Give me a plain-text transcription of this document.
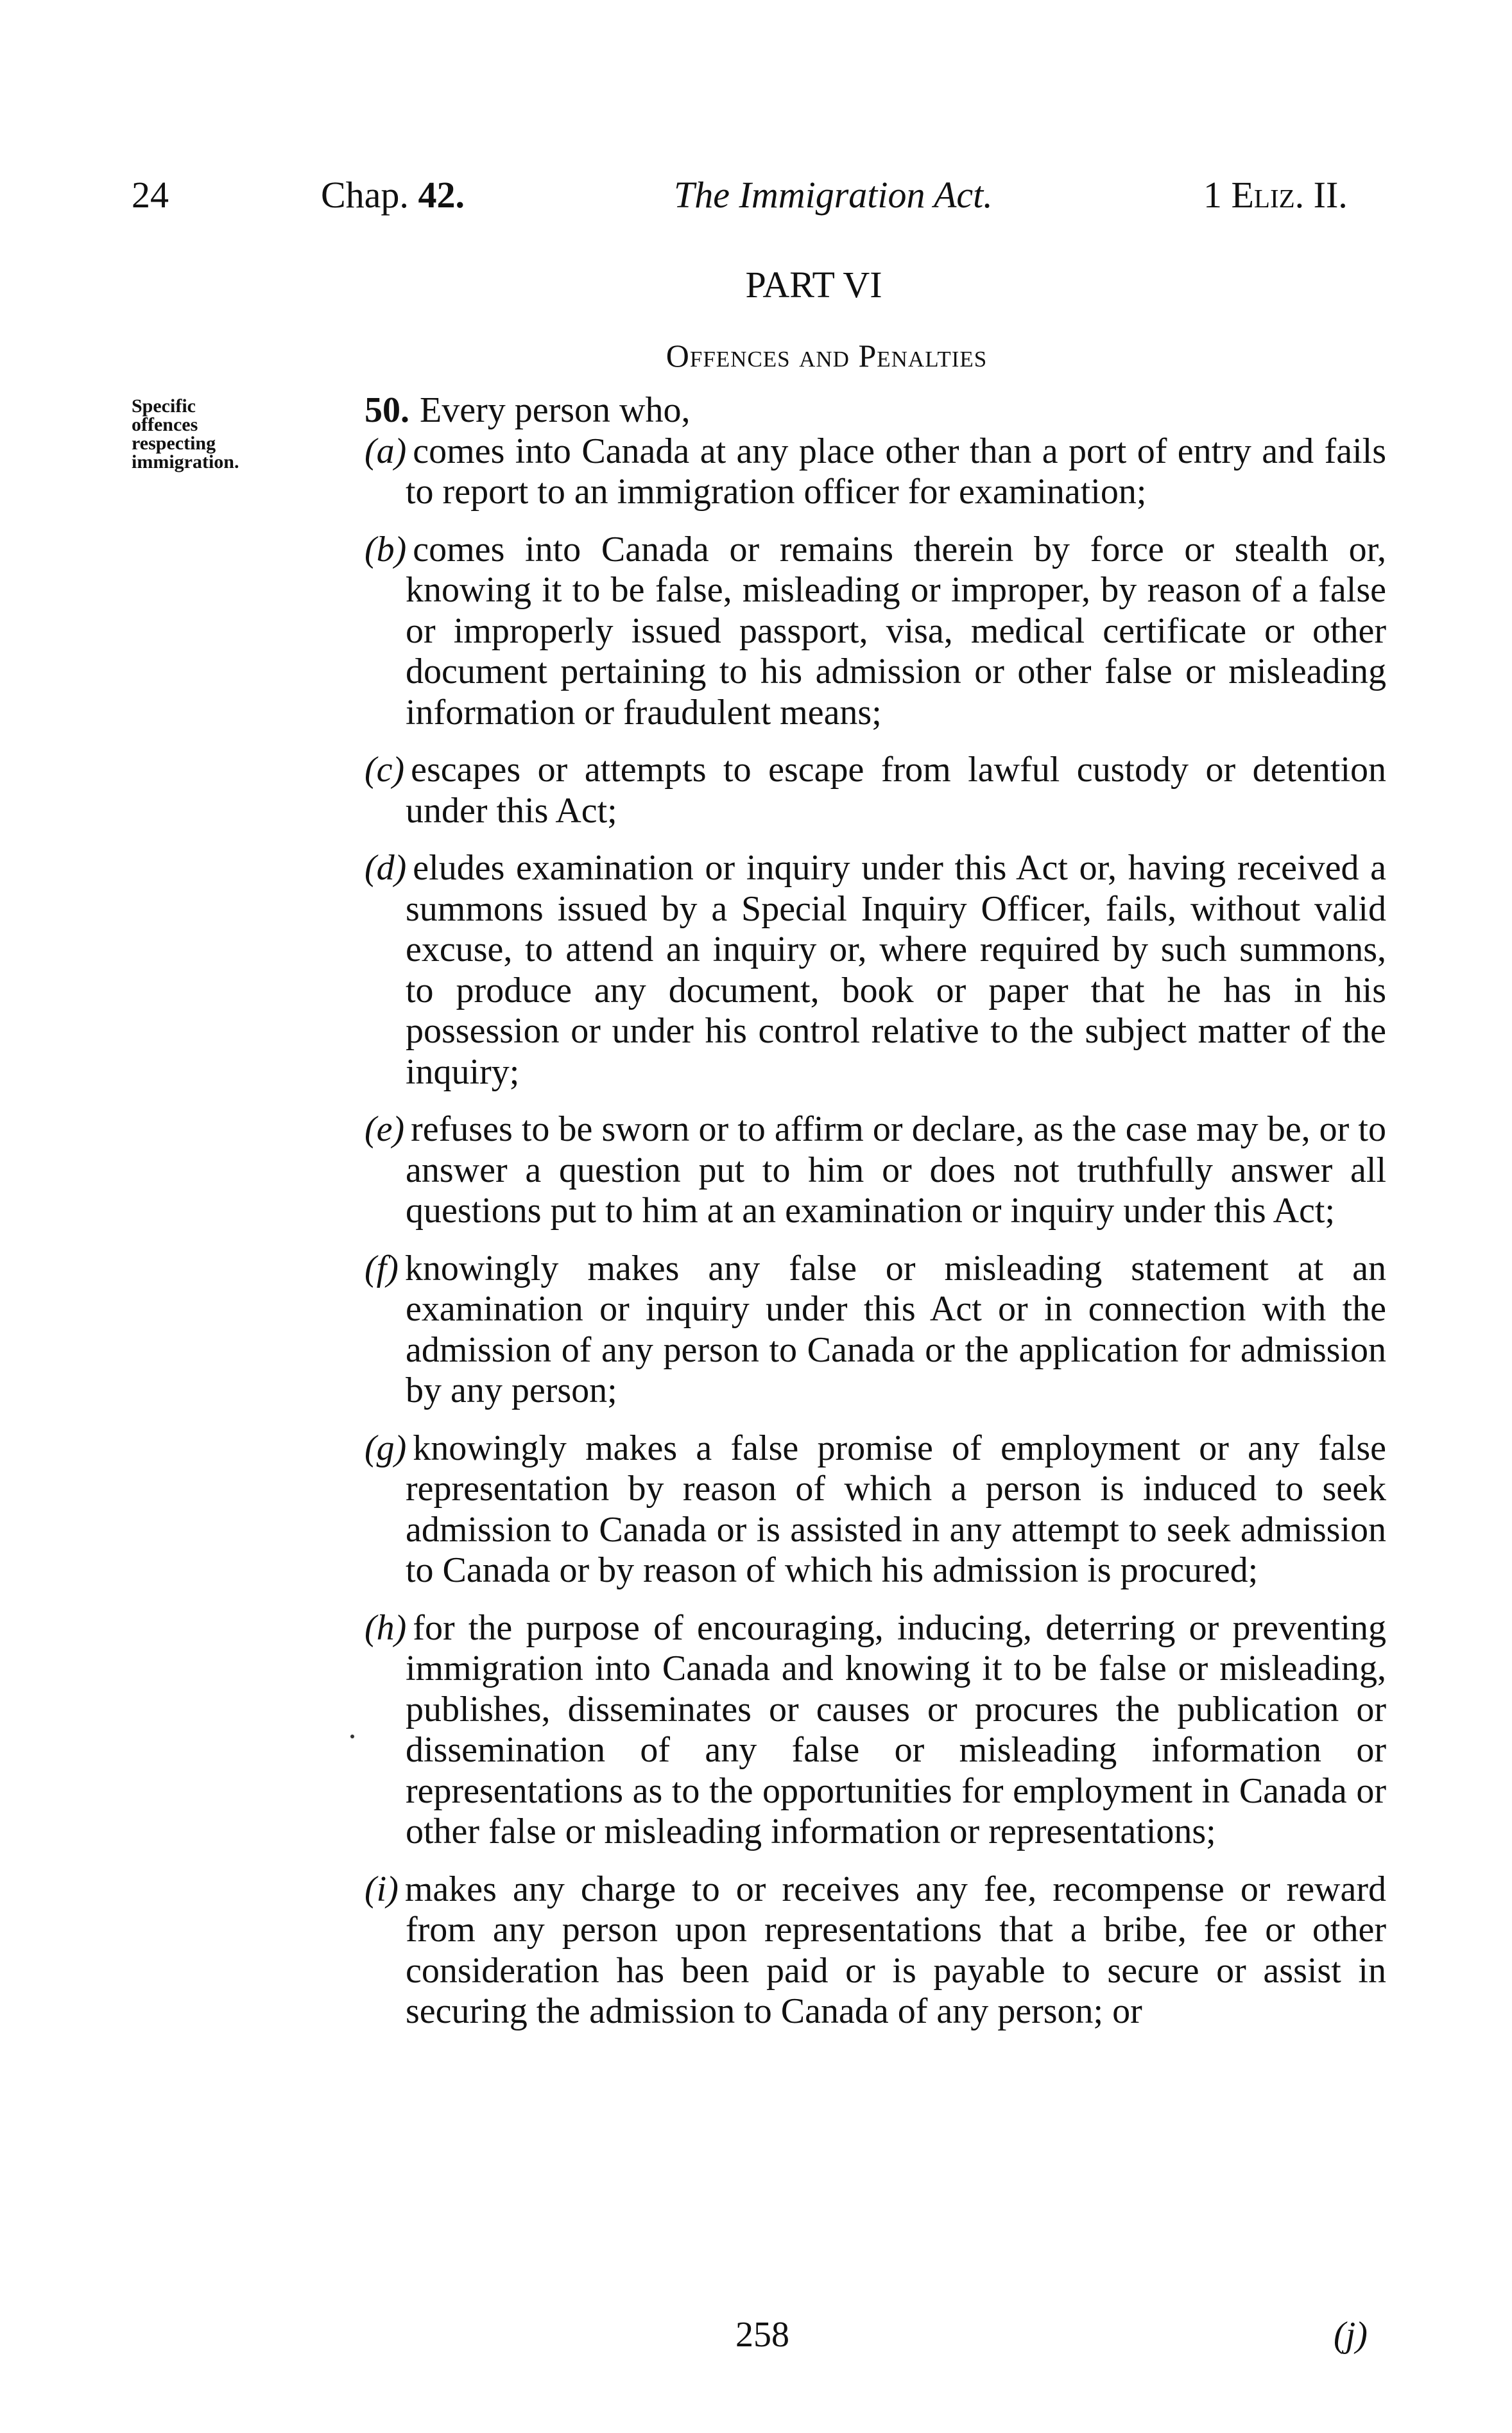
24	Chap. 42.	The Immigration Act.	1 Eliz. II.
PART VI
Offences and Penalties
Specific
offences
respecting
immigration.
50. Every person who,
(a) comes into Canada at any place other than a port of entry and fails to report to an immigration officer for examination;
(b) comes into Canada or remains therein by force or stealth or, knowing it to be false, misleading or improper, by reason of a false or improperly issued passport, visa, medical certificate or other document pertaining to his admission or other false or misleading information or fraudulent means;
(c) escapes or attempts to escape from lawful custody or detention under this Act;
(d) eludes examination or inquiry under this Act or, having received a summons issued by a Special Inquiry Officer, fails, without valid excuse, to attend an inquiry or, where required by such summons, to produce any document, book or paper that he has in his possession or under his control relative to the subject matter of the inquiry;
(e) refuses to be sworn or to affirm or declare, as the case may be, or to answer a question put to him or does not truthfully answer all questions put to him at an examination or inquiry under this Act;
(f) knowingly makes any false or misleading statement at an examination or inquiry under this Act or in connection with the admission of any person to Canada or the application for admission by any person;
(g) knowingly makes a false promise of employment or any false representation by reason of which a person is induced to seek admission to Canada or is assisted in any attempt to seek admission to Canada or by reason of which his admission is procured;
(h) for the purpose of encouraging, inducing, deterring or preventing immigration into Canada and knowing it to be false or misleading, publishes, disseminates or causes or procures the publication or dissemination of any false or misleading information or representations as to the opportunities for employment in Canada or other false or misleading information or representations;
(i) makes any charge to or receives any fee, recompense or reward from any person upon representations that a bribe, fee or other consideration has been paid or is payable to secure or assist in securing the admission to Canada of any person; or
258	(j)
